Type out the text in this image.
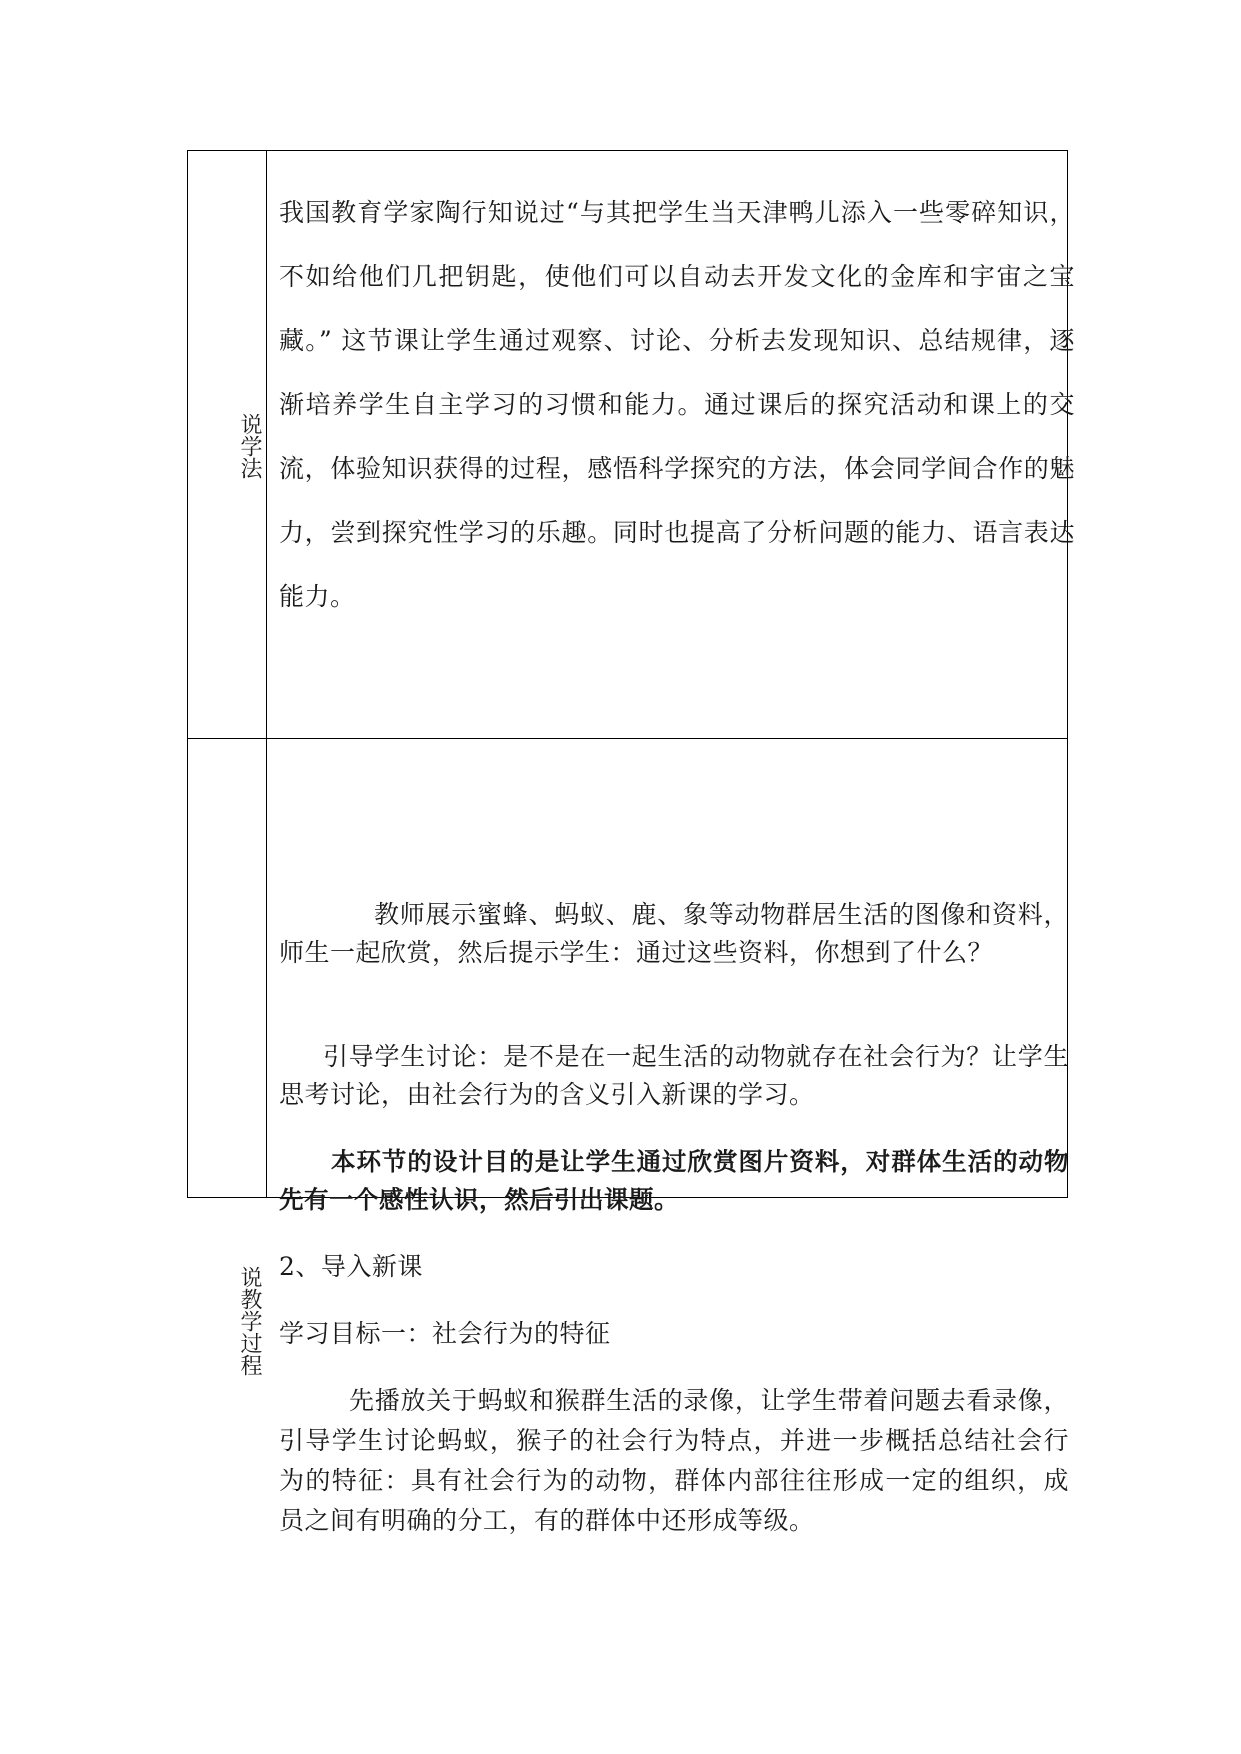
说学法

我国教育学家陶行知说过“与其把学生当天津鸭儿添入一些零碎知识，不如给他们几把钥匙，使他们可以自动去开发文化的金库和宇宙之宝藏。” 这节课让学生通过观察、讨论、分析去发现知识、总结规律，逐渐培养学生自主学习的习惯和能力。通过课后的探究活动和课上的交流，体验知识获得的过程，感悟科学探究的方法，体会同学间合作的魅力，尝到探究性学习的乐趣。同时也提高了分析问题的能力、语言表达能力。

说教学过程

教师展示蜜蜂、蚂蚁、鹿、象等动物群居生活的图像和资料，师生一起欣赏，然后提示学生：通过这些资料，你想到了什么？

引导学生讨论：是不是在一起生活的动物就存在社会行为？让学生思考讨论，由社会行为的含义引入新课的学习。

本环节的设计目的是让学生通过欣赏图片资料，对群体生活的动物先有一个感性认识，然后引出课题。

2、导入新课

学习目标一：社会行为的特征

先播放关于蚂蚁和猴群生活的录像，让学生带着问题去看录像，引导学生讨论蚂蚁，猴子的社会行为特点，并进一步概括总结社会行为的特征：具有社会行为的动物，群体内部往往形成一定的组织，成员之间有明确的分工，有的群体中还形成等级。
